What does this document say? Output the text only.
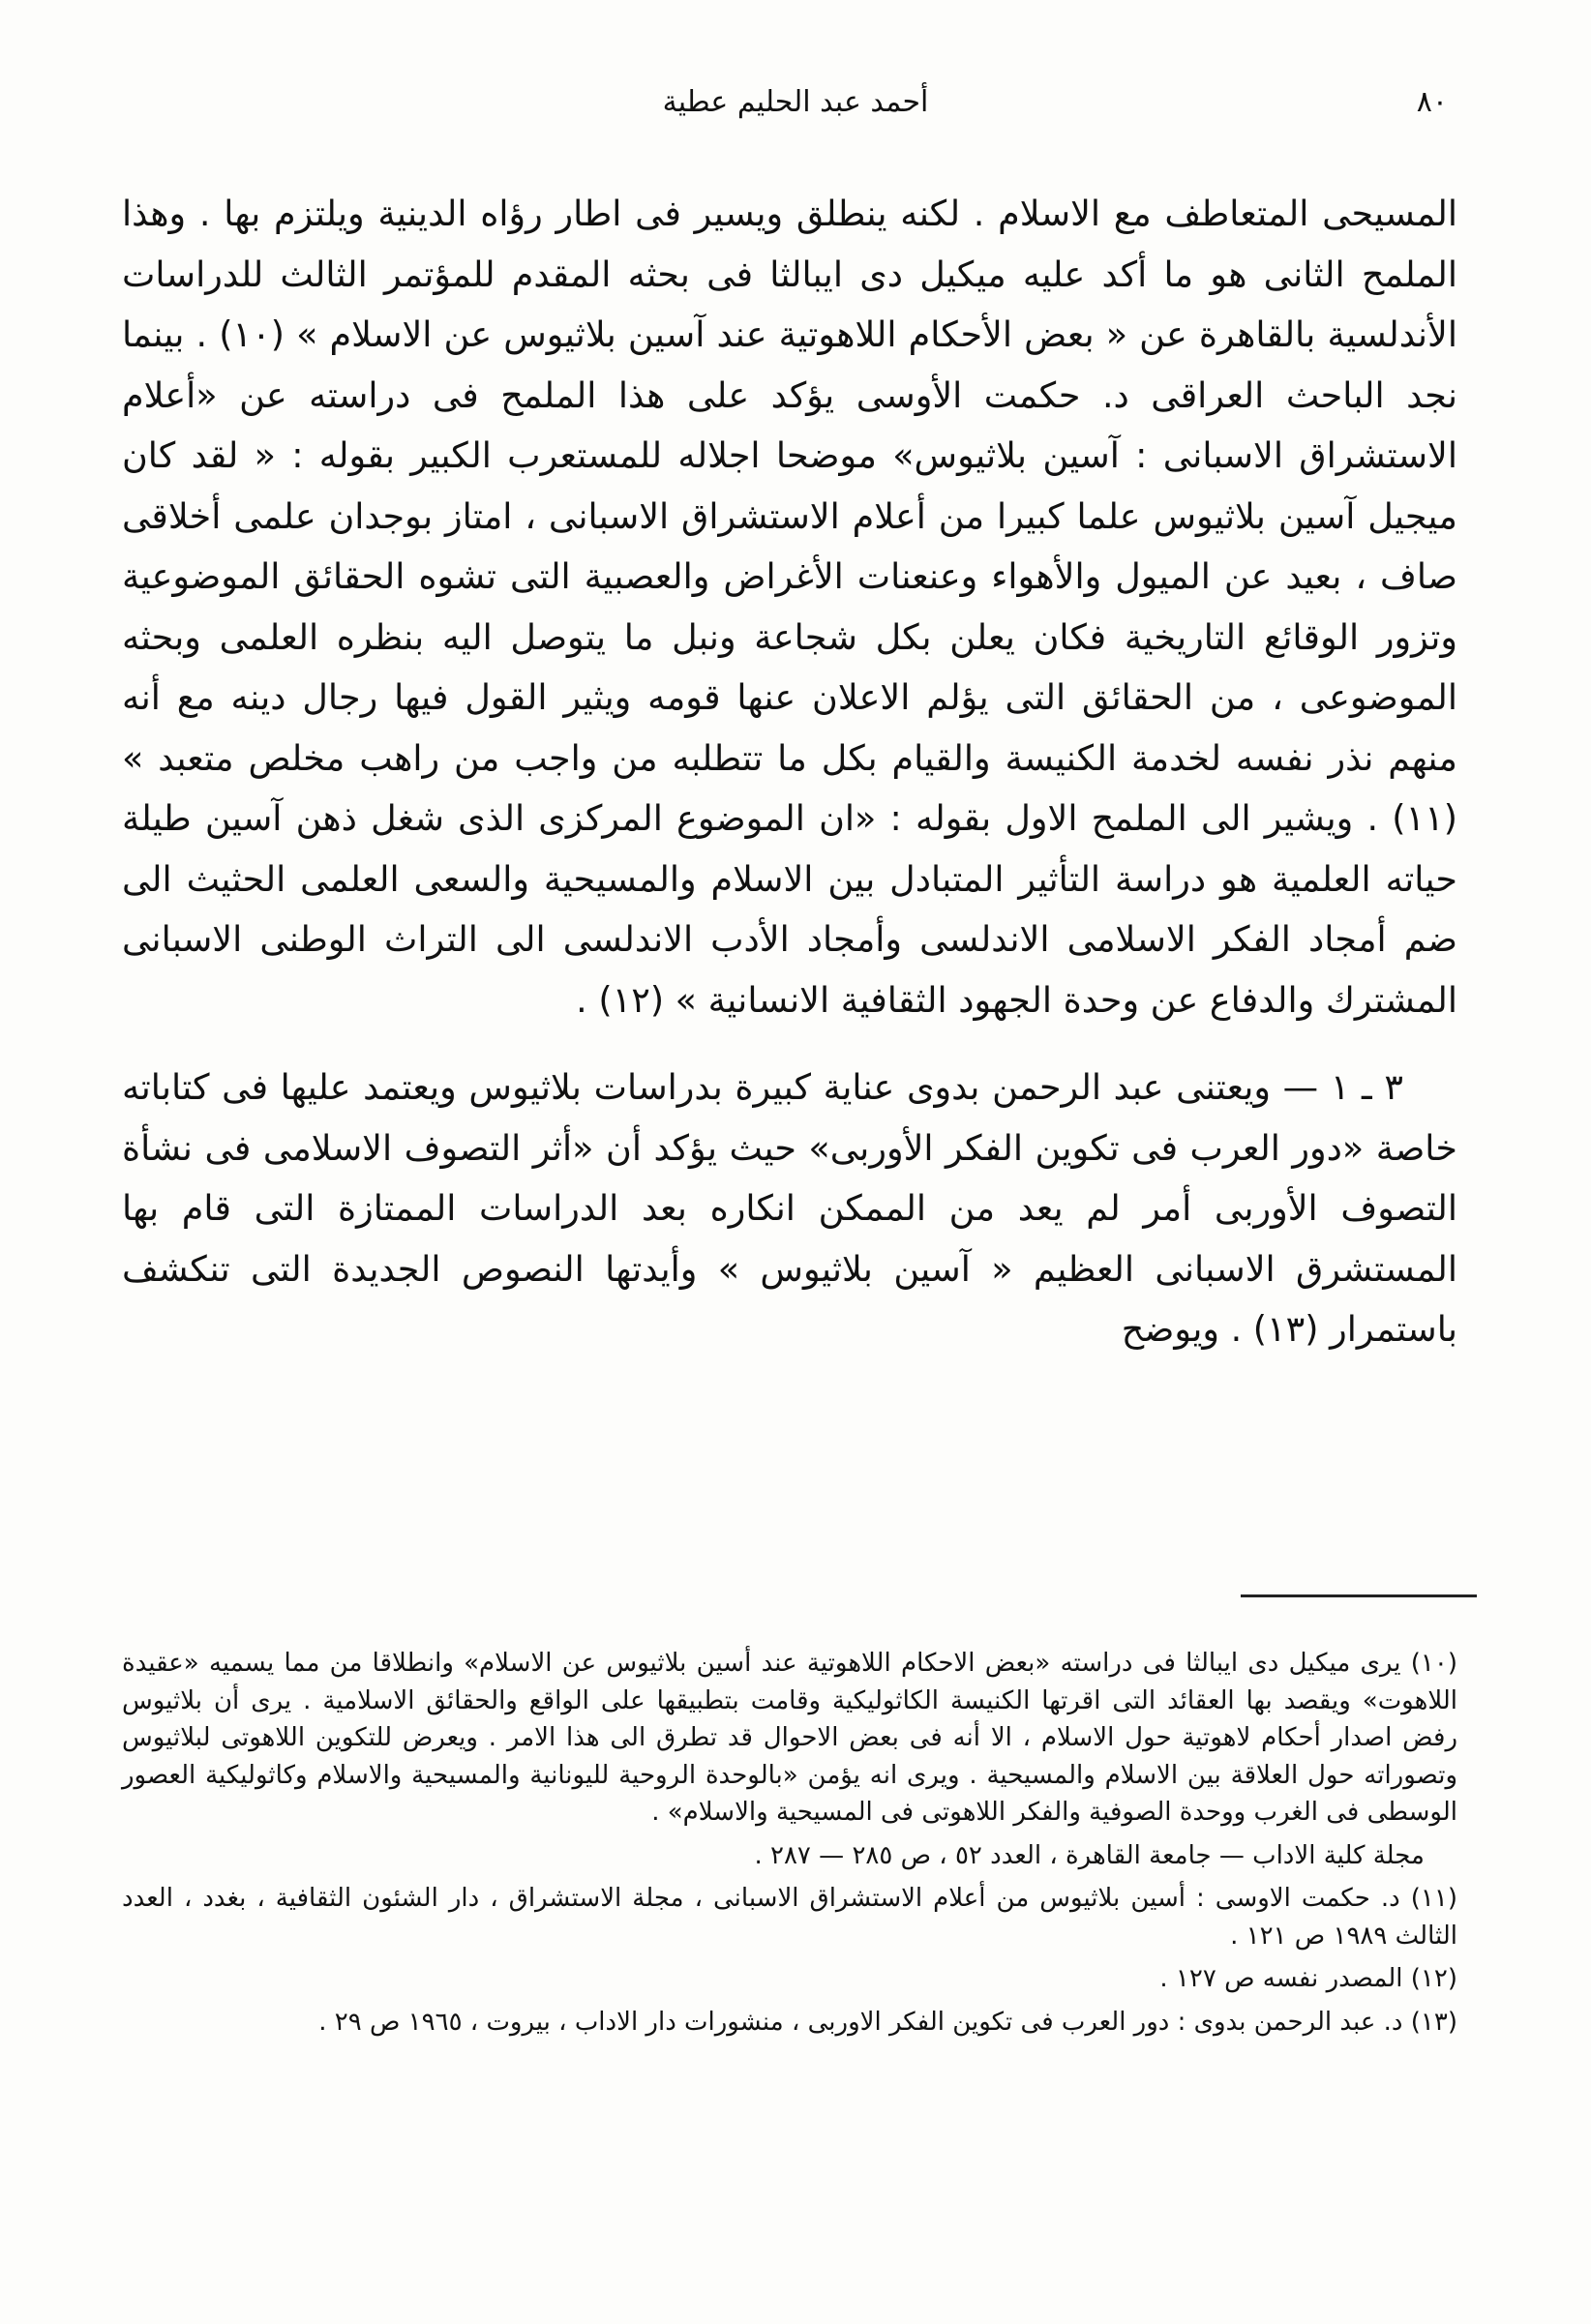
٨٠
أحمد عبد الحليم عطية

المسيحى المتعاطف مع الاسلام . لكنه ينطلق ويسير فى اطار رؤاه الدينية ويلتزم بها . وهذا الملمح الثانى هو ما أكد عليه ميكيل دى ايبالثا فى بحثه المقدم للمؤتمر الثالث للدراسات الأندلسية بالقاهرة عن « بعض الأحكام اللاهوتية عند آسين بلاثيوس عن الاسلام » (١٠) . بينما نجد الباحث العراقى د. حكمت الأوسى يؤكد على هذا الملمح فى دراسته عن «أعلام الاستشراق الاسبانى : آسين بلاثيوس» موضحا اجلاله للمستعرب الكبير بقوله : « لقد كان ميجيل آسين بلاثيوس علما كبيرا من أعلام الاستشراق الاسبانى ، امتاز بوجدان علمى أخلاقى صاف ، بعيد عن الميول والأهواء وعنعنات الأغراض والعصبية التى تشوه الحقائق الموضوعية وتزور الوقائع التاريخية فكان يعلن بكل شجاعة ونبل ما يتوصل اليه بنظره العلمى وبحثه الموضوعى ، من الحقائق التى يؤلم الاعلان عنها قومه ويثير القول فيها رجال دينه مع أنه منهم نذر نفسه لخدمة الكنيسة والقيام بكل ما تتطلبه من واجب من راهب مخلص متعبد » (١١) . ويشير الى الملمح الاول بقوله : «ان الموضوع المركزى الذى شغل ذهن آسين طيلة حياته العلمية هو دراسة التأثير المتبادل بين الاسلام والمسيحية والسعى العلمى الحثيث الى ضم أمجاد الفكر الاسلامى الاندلسى وأمجاد الأدب الاندلسى الى التراث الوطنى الاسبانى المشترك والدفاع عن وحدة الجهود الثقافية الانسانية » (١٢) .

٣ ـ ١ — ويعتنى عبد الرحمن بدوى عناية كبيرة بدراسات بلاثيوس ويعتمد عليها فى كتاباته خاصة «دور العرب فى تكوين الفكر الأوربى» حيث يؤكد أن «أثر التصوف الاسلامى فى نشأة التصوف الأوربى أمر لم يعد من الممكن انكاره بعد الدراسات الممتازة التى قام بها المستشرق الاسبانى العظيم « آسين بلاثيوس » وأيدتها النصوص الجديدة التى تنكشف باستمرار (١٣) . ويوضح

(١٠) يرى ميكيل دى ايبالثا فى دراسته «بعض الاحكام اللاهوتية عند أسين بلاثيوس عن الاسلام» وانطلاقا من مما يسميه «عقيدة اللاهوت» ويقصد بها العقائد التى اقرتها الكنيسة الكاثوليكية وقامت بتطبيقها على الواقع والحقائق الاسلامية . يرى أن بلاثيوس رفض اصدار أحكام لاهوتية حول الاسلام ، الا أنه فى بعض الاحوال قد تطرق الى هذا الامر . ويعرض للتكوين اللاهوتى لبلاثيوس وتصوراته حول العلاقة بين الاسلام والمسيحية . ويرى انه يؤمن «بالوحدة الروحية لليونانية والمسيحية والاسلام وكاثوليكية العصور الوسطى فى الغرب ووحدة الصوفية والفكر اللاهوتى فى المسيحية والاسلام» .

مجلة كلية الاداب — جامعة القاهرة ، العدد ٥٢ ، ص ٢٨٥ — ٢٨٧ .

(١١) د. حكمت الاوسى : أسين بلاثيوس من أعلام الاستشراق الاسبانى ، مجلة الاستشراق ، دار الشئون الثقافية ، بغدد ، العدد الثالث ١٩٨٩ ص ١٢١ .

(١٢) المصدر نفسه ص ١٢٧ .

(١٣) د. عبد الرحمن بدوى : دور العرب فى تكوين الفكر الاوربى ، منشورات دار الاداب ، بيروت ، ١٩٦٥ ص ٢٩ .
